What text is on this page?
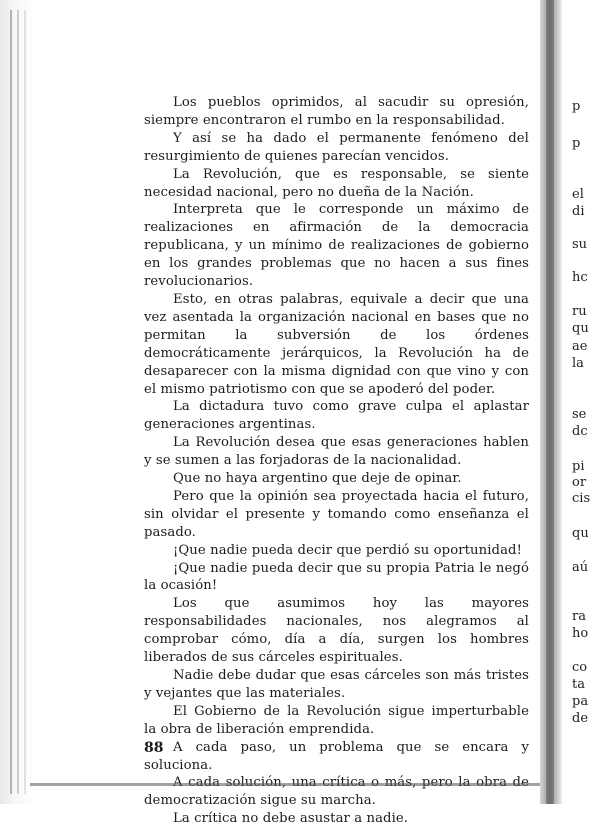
Los pueblos oprimidos, al sacudir su opresión, siempre encontraron el rumbo en la responsabilidad.

Y así se ha dado el permanente fenómeno del resurgimiento de quienes parecían vencidos.

La Revolución, que es responsable, se siente necesidad nacional, pero no dueña de la Nación.

Interpreta que le corresponde un máximo de realizaciones en afirmación de la democracia republicana, y un mínimo de realizaciones de gobierno en los grandes problemas que no hacen a sus fines revolucionarios.

Esto, en otras palabras, equivale a decir que una vez asentada la organización nacional en bases que no permitan la subversión de los órdenes democráticamente jerárquicos, la Revolución ha de desaparecer con la misma dignidad con que vino y con el mismo patriotismo con que se apoderó del poder.

La dictadura tuvo como grave culpa el aplastar generaciones argentinas.

La Revolución desea que esas generaciones hablen y se sumen a las forjadoras de la nacionalidad.

Que no haya argentino que deje de opinar.

Pero que la opinión sea proyectada hacia el futuro, sin olvidar el presente y tomando como enseñanza el pasado.

¡Que nadie pueda decir que perdió su oportunidad!

¡Que nadie pueda decir que su propia Patria le negó la ocasión!

Los que asumimos hoy las mayores responsabilidades nacionales, nos alegramos al comprobar cómo, día a día, surgen los hombres liberados de sus cárceles espirituales.

Nadie debe dudar que esas cárceles son más tristes y vejantes que las materiales.

El Gobierno de la Revolución sigue imperturbable la obra de liberación emprendida.

A cada paso, un problema que se encara y soluciona.

democratización sigue su marcha.

La crítica no debe asustar a nadie.

88
p
p
el
di
su
hc
ru
qu
ae
la
se
dc
pi
or
cis
qu
aú
ra
ho
co
ta
pa
de
